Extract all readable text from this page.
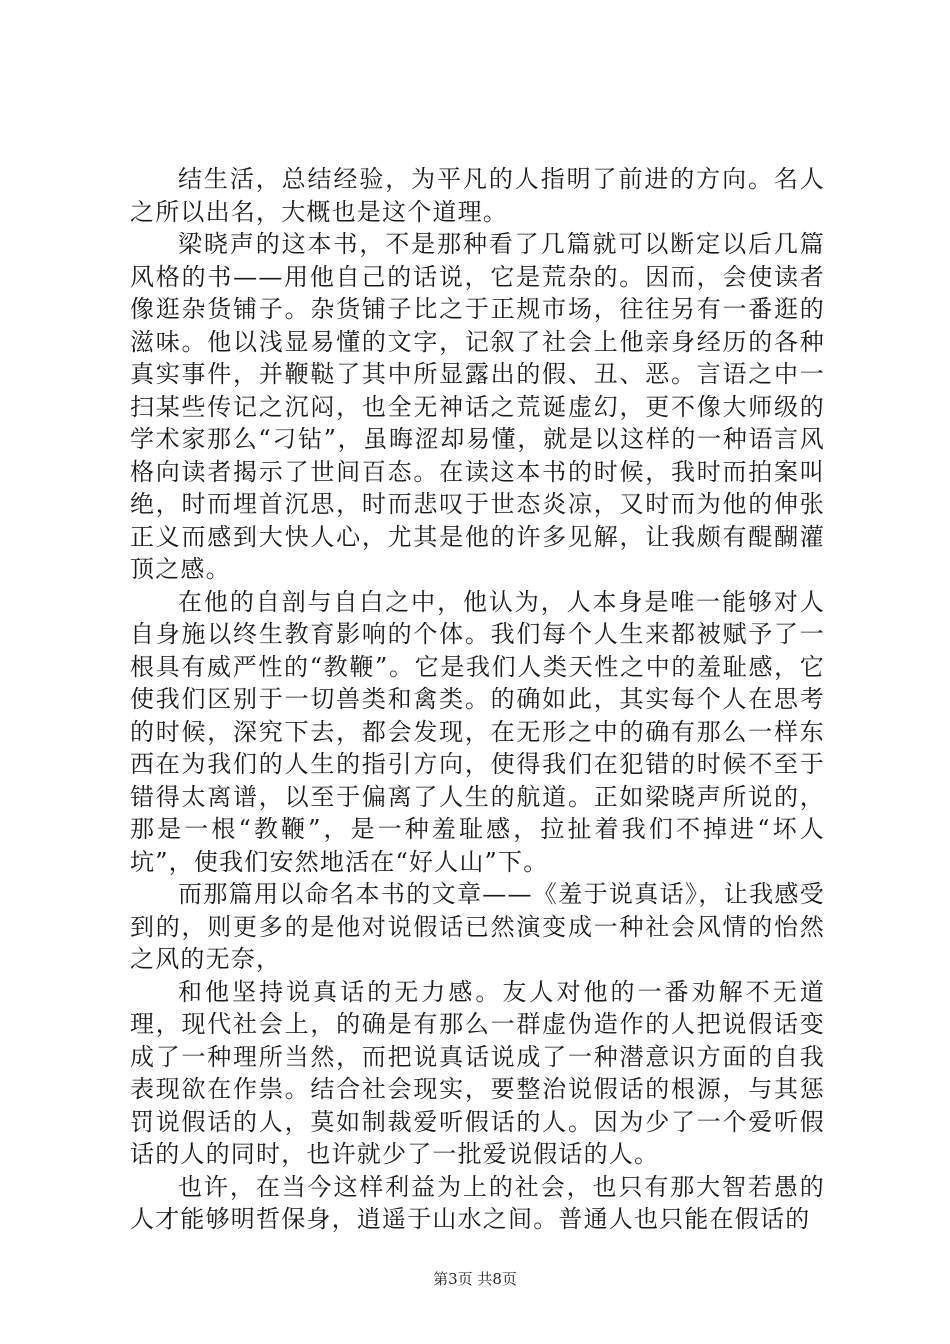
结生活，总结经验，为平凡的人指明了前进的方向。名人之所以出名，大概也是这个道理。

梁晓声的这本书，不是那种看了几篇就可以断定以后几篇风格的书——用他自己的话说，它是荒杂的。因而，会使读者像逛杂货铺子。杂货铺子比之于正规市场，往往另有一番逛的滋味。他以浅显易懂的文字，记叙了社会上他亲身经历的各种真实事件，并鞭鞑了其中所显露出的假、丑、恶。言语之中一扫某些传记之沉闷，也全无神话之荒诞虚幻，更不像大师级的学术家那么“刁钻”，虽晦涩却易懂，就是以这样的一种语言风格向读者揭示了世间百态。在读这本书的时候，我时而拍案叫绝，时而埋首沉思，时而悲叹于世态炎凉，又时而为他的伸张正义而感到大快人心，尤其是他的许多见解，让我颇有醍醐灌顶之感。

在他的自剖与自白之中，他认为，人本身是唯一能够对人自身施以终生教育影响的个体。我们每个人生来都被赋予了一根具有威严性的“教鞭”。它是我们人类天性之中的羞耻感，它使我们区别于一切兽类和禽类。的确如此，其实每个人在思考的时候，深究下去，都会发现，在无形之中的确有那么一样东西在为我们的人生的指引方向，使得我们在犯错的时候不至于错得太离谱，以至于偏离了人生的航道。正如梁晓声所说的，那是一根“教鞭”，是一种羞耻感，拉扯着我们不掉进“坏人坑”，使我们安然地活在“好人山”下。

而那篇用以命名本书的文章——《羞于说真话》，让我感受到的，则更多的是他对说假话已然演变成一种社会风情的怡然之风的无奈，

和他坚持说真话的无力感。友人对他的一番劝解不无道理，现代社会上，的确是有那么一群虚伪造作的人把说假话变成了一种理所当然，而把说真话说成了一种潜意识方面的自我表现欲在作祟。结合社会现实，要整治说假话的根源，与其惩罚说假话的人，莫如制裁爱听假话的人。因为少了一个爱听假话的人的同时，也许就少了一批爱说假话的人。

也许，在当今这样利益为上的社会，也只有那大智若愚的人才能够明哲保身，逍遥于山水之间。普通人也只能在假话的

第3页 共8页
